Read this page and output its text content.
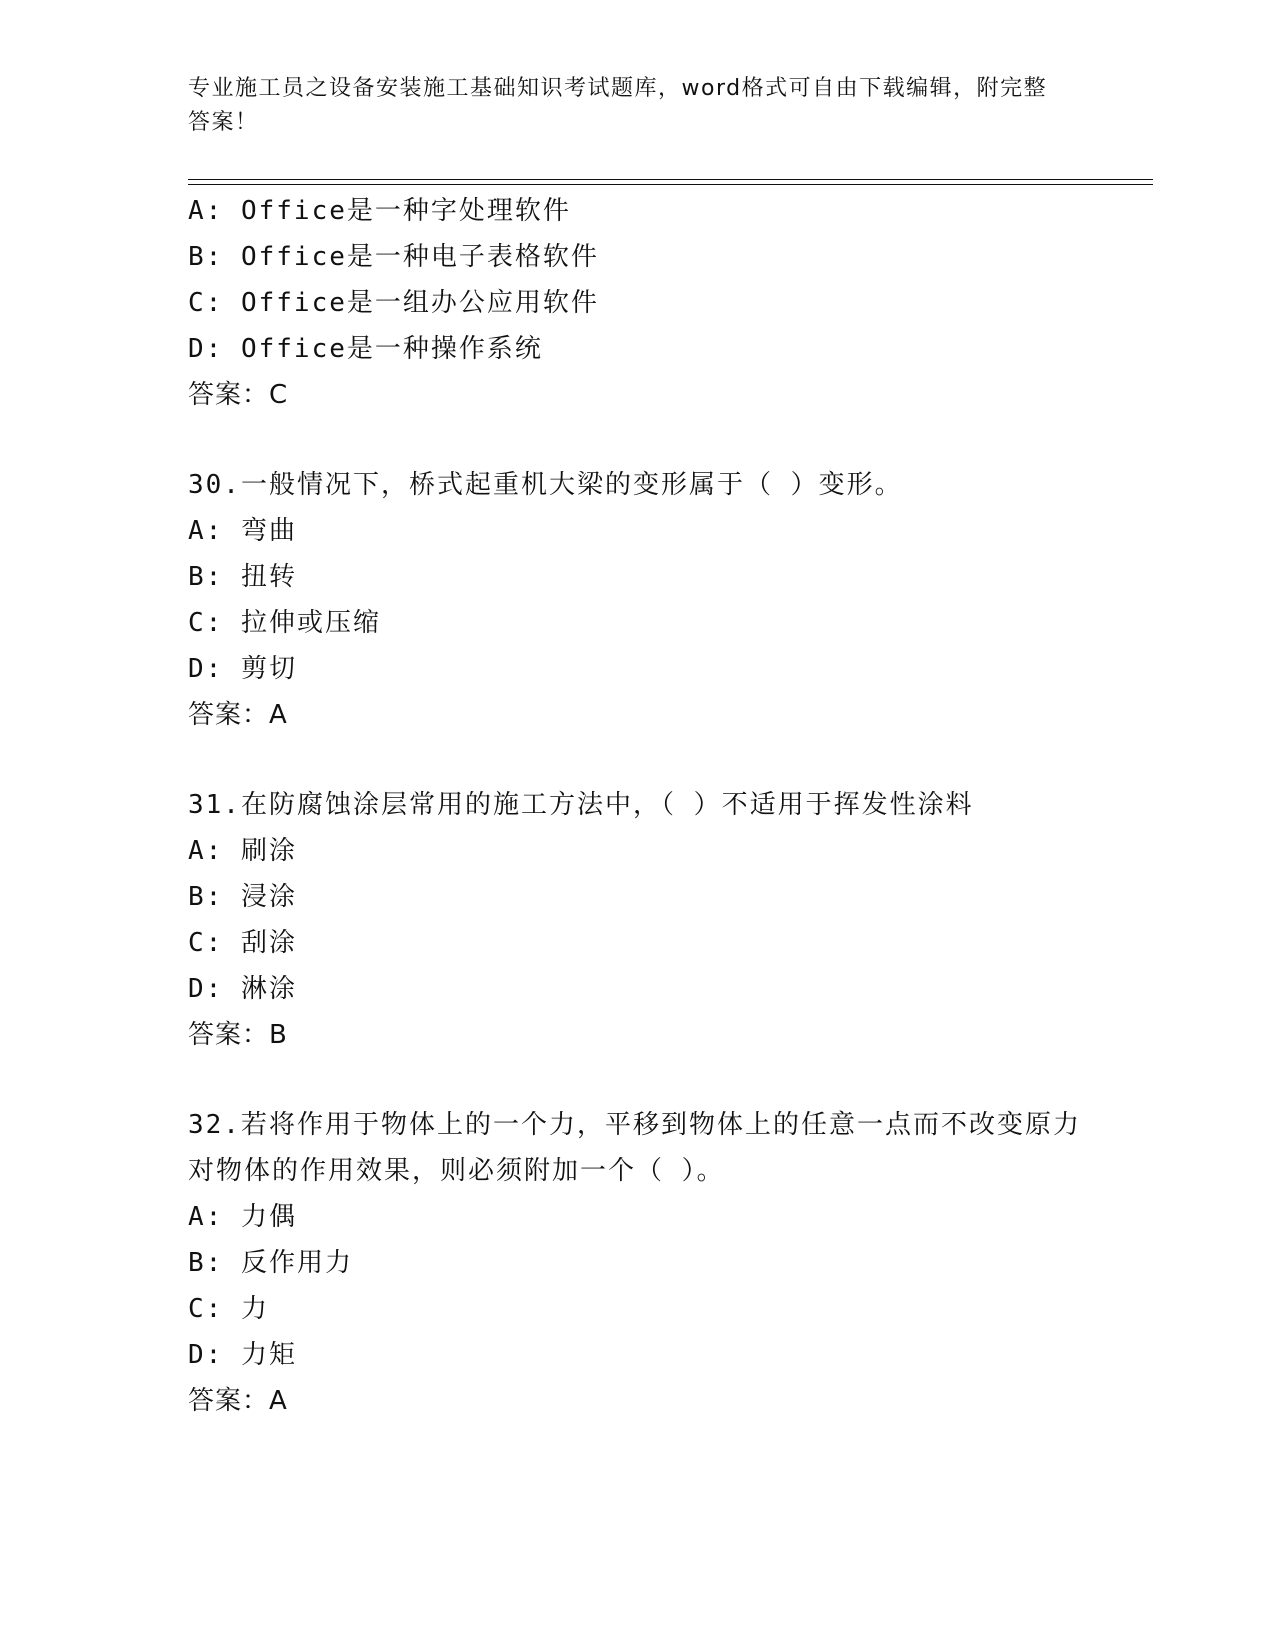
专业施工员之设备安装施工基础知识考试题库，word格式可自由下载编辑，附完整答案！
A: Office是一种字处理软件
B: Office是一种电子表格软件
C: Office是一组办公应用软件
D: Office是一种操作系统
答案：C
30.一般情况下，桥式起重机大梁的变形属于（ ）变形。
A: 弯曲
B: 扭转
C: 拉伸或压缩
D: 剪切
答案：A
31.在防腐蚀涂层常用的施工方法中，（ ）不适用于挥发性涂料
A: 刷涂
B: 浸涂
C: 刮涂
D: 淋涂
答案：B
32.若将作用于物体上的一个力，平移到物体上的任意一点而不改变原力对物体的作用效果，则必须附加一个（ ）。
A: 力偶
B: 反作用力
C: 力
D: 力矩
答案：A
